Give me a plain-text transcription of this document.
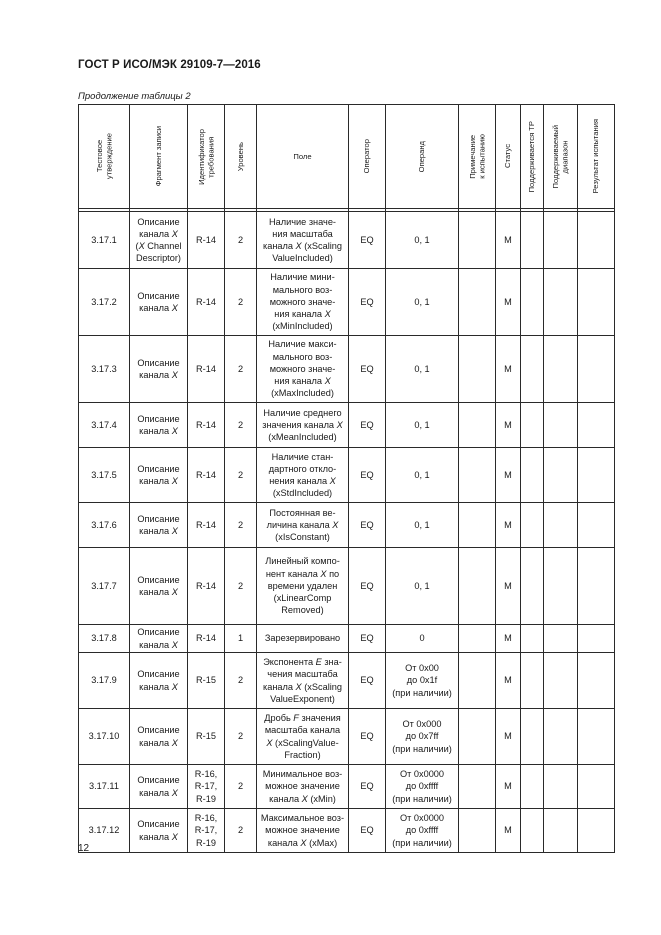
ГОСТ Р ИСО/МЭК 29109-7—2016
Продолжение таблицы 2
Тестовое
утверждение	Фрагмент записи	Идентификатор
требования	Уровень	Поле	Оператор	Операнд	Примечание
к испытанию	Статус	Поддерживается TP	Поддерживаемый
диапазон	Результат испытания

3.17.1	Описание
канала X
(X Channel
Descriptor)	R-14	2	Наличие значе-
ния масштаба
канала X (xScaling
ValueIncluded)	EQ	0, 1		M			
3.17.2	Описание
канала X	R-14	2	Наличие мини-
мального воз-
можного значе-
ния канала X
(xMinIncluded)	EQ	0, 1		M			
3.17.3	Описание
канала X	R-14	2	Наличие макси-
мального воз-
можного значе-
ния канала X
(xMaxIncluded)	EQ	0, 1		M			
3.17.4	Описание
канала X	R-14	2	Наличие среднего
значения канала X
(xMeanIncluded)	EQ	0, 1		M			
3.17.5	Описание
канала X	R-14	2	Наличие стан-
дартного откло-
нения канала X
(xStdIncluded)	EQ	0, 1		M			
3.17.6	Описание
канала X	R-14	2	Постоянная ве-
личина канала X
(xIsConstant)	EQ	0, 1		M			
3.17.7	Описание
канала X	R-14	2	Линейный компо-
нент канала X по
времени удален
(xLinearComp
Removed)	EQ	0, 1		M			
3.17.8	Описание
канала X	R-14	1	Зарезервировано	EQ	0		M			
3.17.9	Описание
канала X	R-15	2	Экспонента E зна-
чения масштаба
канала X (xScaling
ValueExponent)	EQ	От 0x00
до 0x1f
(при наличии)		M			
3.17.10	Описание
канала X	R-15	2	Дробь F значения
масштаба канала
X (xScalingValue-
Fraction)	EQ	От 0x000
до 0x7ff
(при наличии)		M			
3.17.11	Описание
канала X	R-16,
R-17,
R-19	2	Минимальное воз-
можное значение
канала X (xMin)	EQ	От 0x0000
до 0xffff
(при наличии)		M			
3.17.12	Описание
канала X	R-16,
R-17,
R-19	2	Максимальное воз-
можное значение
канала X (xMax)	EQ	От 0x0000
до 0xffff
(при наличии)		M			
12
